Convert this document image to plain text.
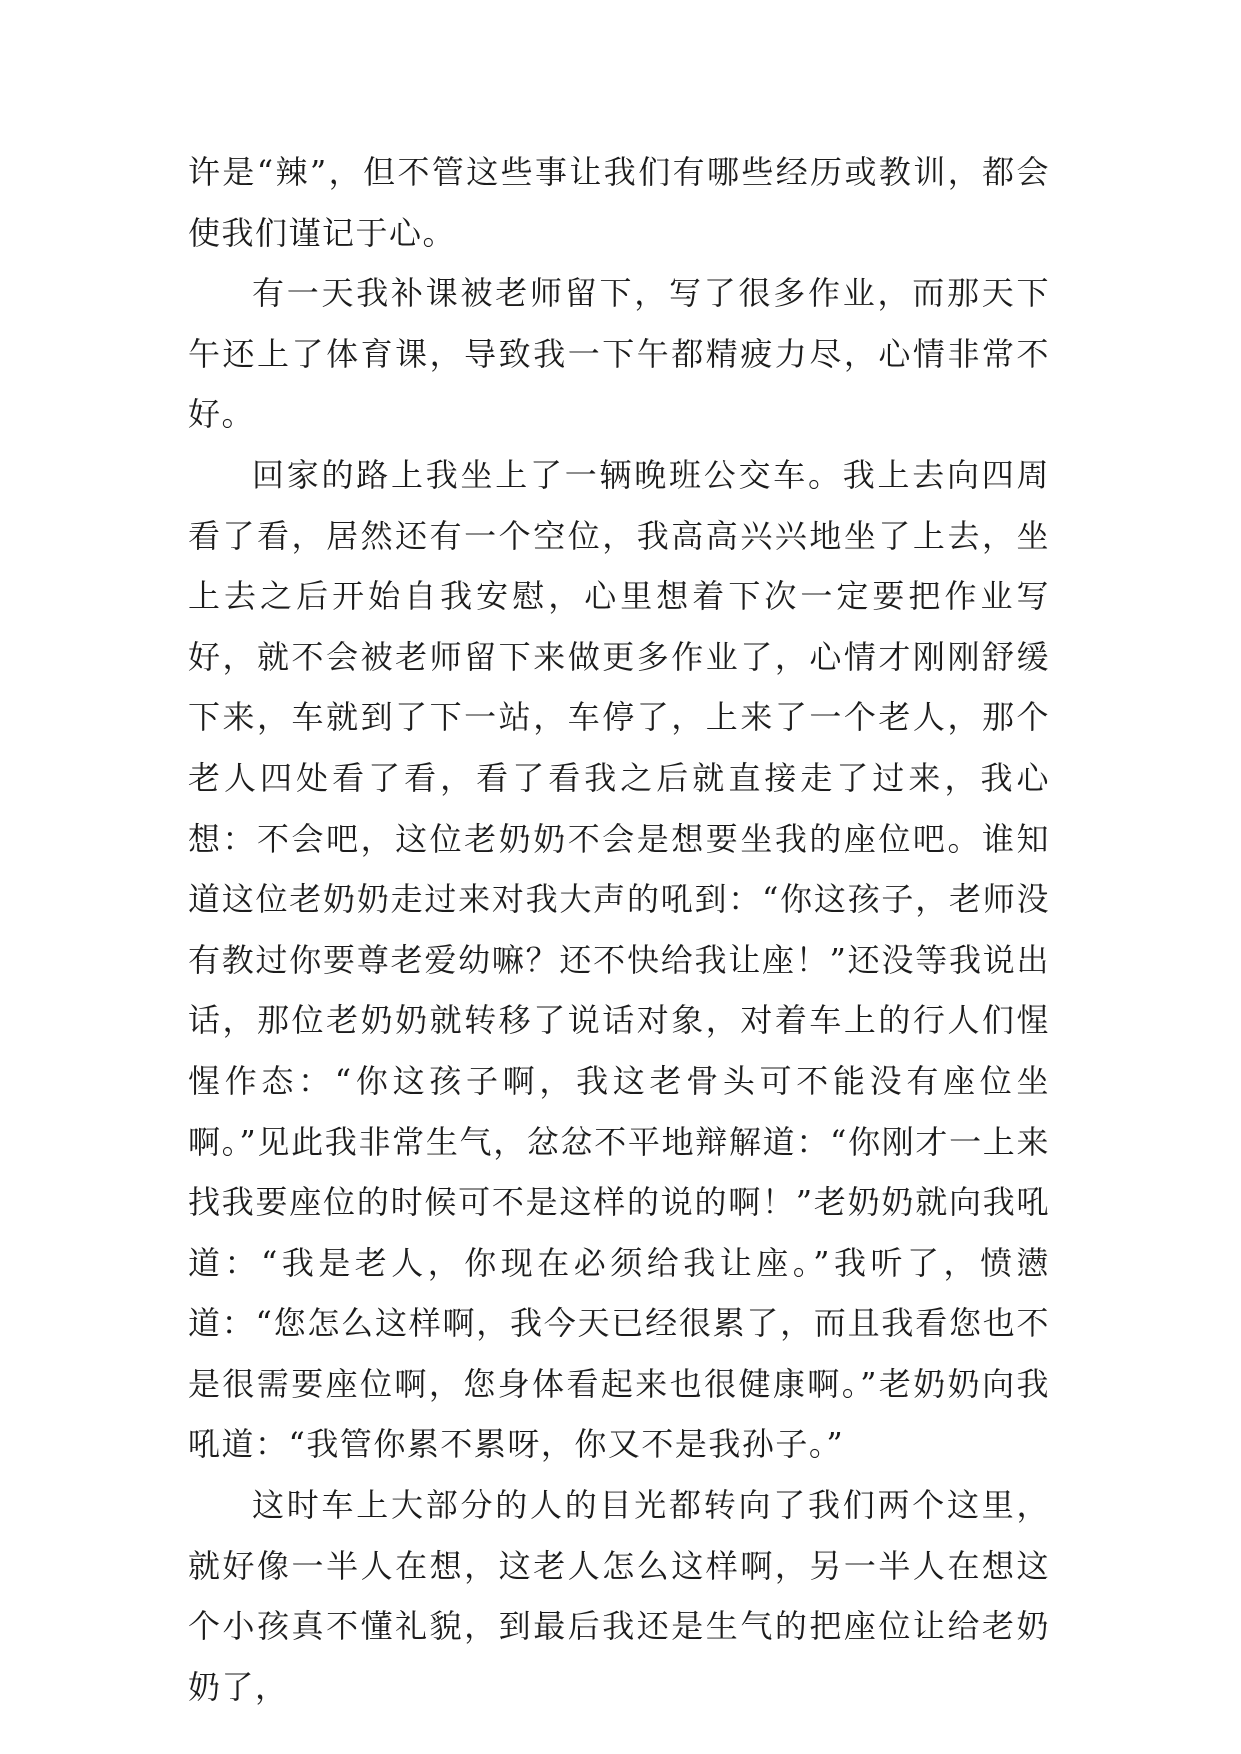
许是“辣”，但不管这些事让我们有哪些经历或教训，都会使我们谨记于心。

有一天我补课被老师留下，写了很多作业，而那天下午还上了体育课，导致我一下午都精疲力尽，心情非常不好。

回家的路上我坐上了一辆晚班公交车。我上去向四周看了看，居然还有一个空位，我高高兴兴地坐了上去，坐上去之后开始自我安慰，心里想着下次一定要把作业写好，就不会被老师留下来做更多作业了，心情才刚刚舒缓下来，车就到了下一站，车停了，上来了一个老人，那个老人四处看了看，看了看我之后就直接走了过来，我心想：不会吧，这位老奶奶不会是想要坐我的座位吧。谁知道这位老奶奶走过来对我大声的吼到：“你这孩子，老师没有教过你要尊老爱幼嘛？还不快给我让座！”还没等我说出话，那位老奶奶就转移了说话对象，对着车上的行人们惺惺作态：“你这孩子啊，我这老骨头可不能没有座位坐啊。”见此我非常生气，忿忿不平地辩解道：“你刚才一上来找我要座位的时候可不是这样的说的啊！”老奶奶就向我吼道：“我是老人，你现在必须给我让座。”我听了，愤懑道：“您怎么这样啊，我今天已经很累了，而且我看您也不是很需要座位啊，您身体看起来也很健康啊。”老奶奶向我吼道：“我管你累不累呀，你又不是我孙子。”

这时车上大部分的人的目光都转向了我们两个这里，就好像一半人在想，这老人怎么这样啊，另一半人在想这个小孩真不懂礼貌，到最后我还是生气的把座位让给老奶奶了，
